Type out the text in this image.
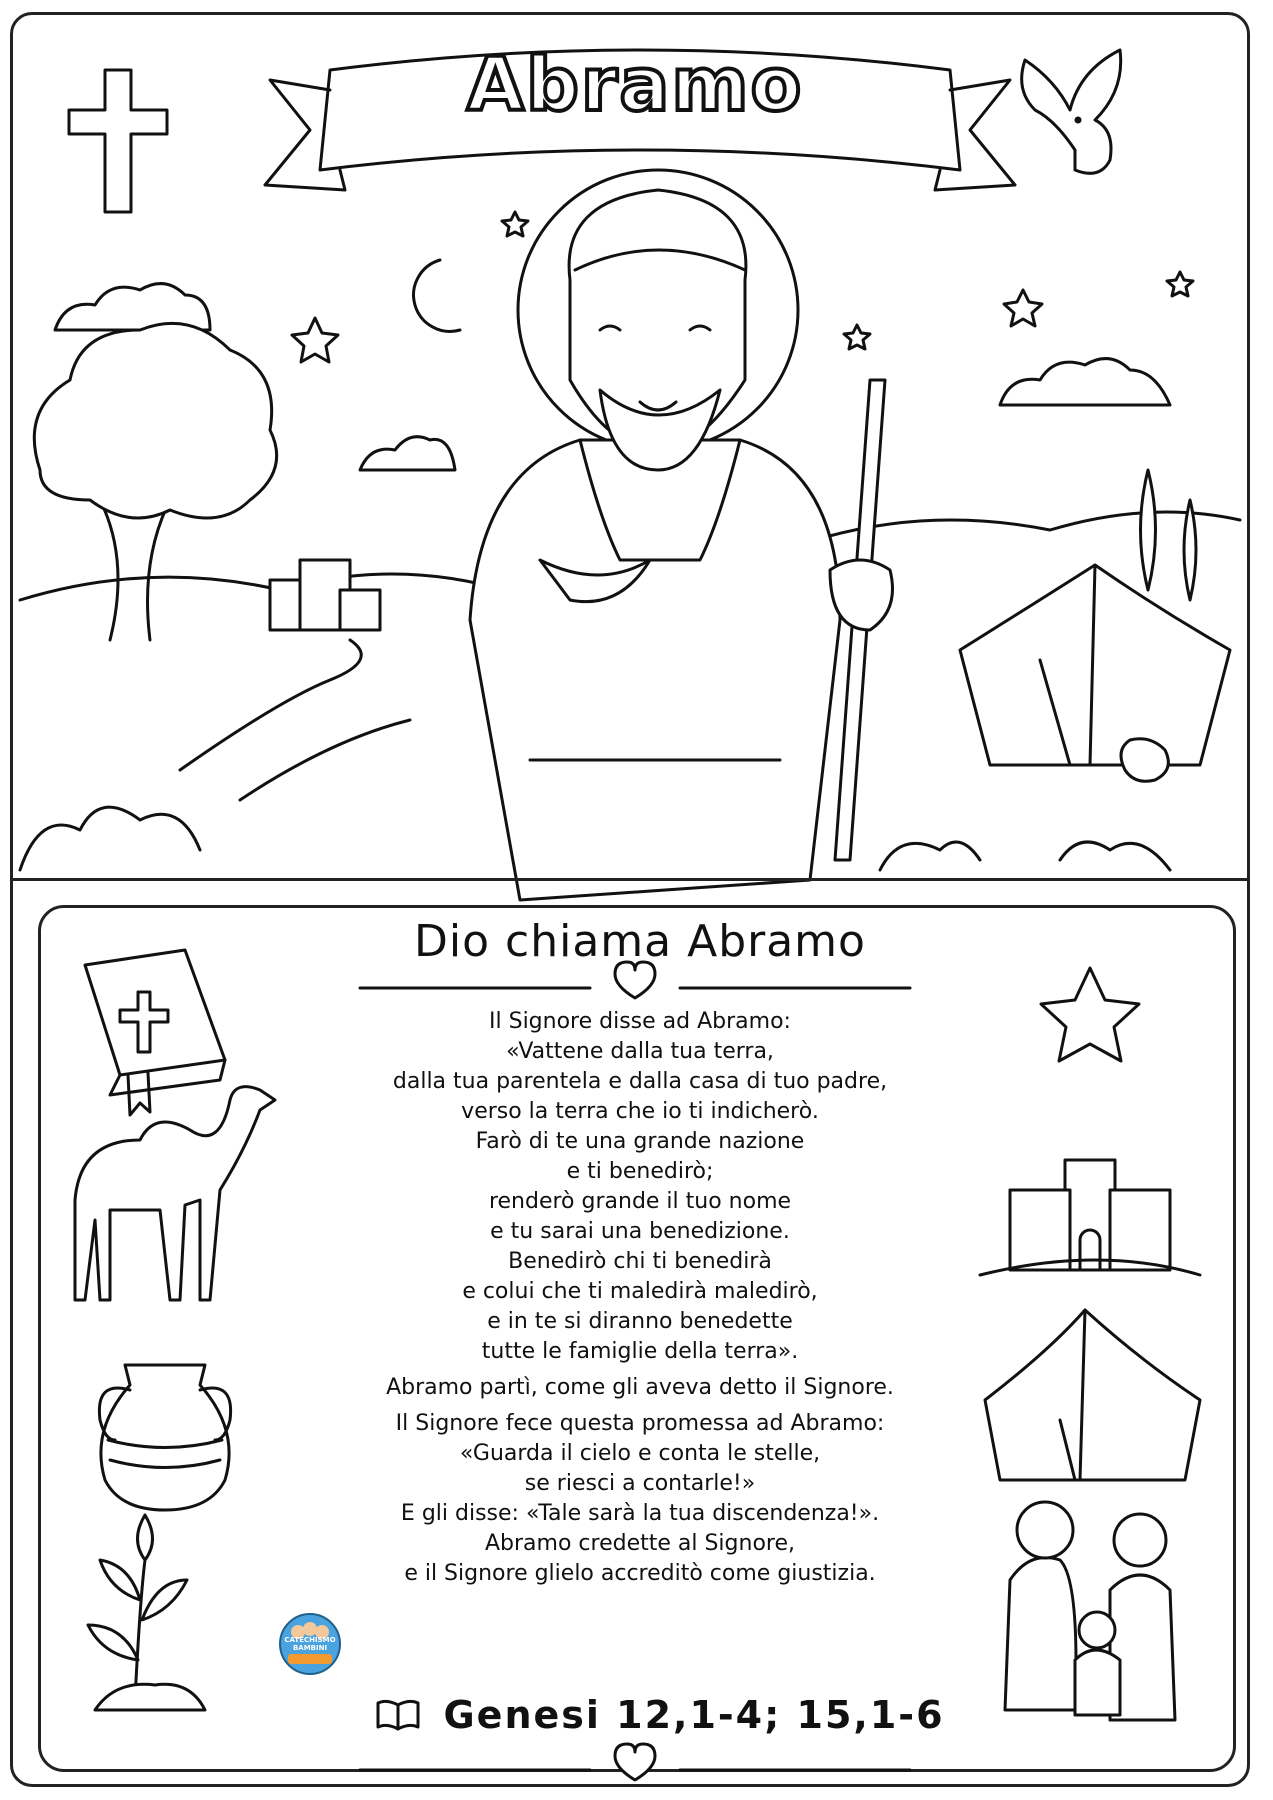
Abramo
Dio chiama Abramo
Il Signore disse ad Abramo:
«Vattene dalla tua terra,
dalla tua parentela e dalla casa di tuo padre,
verso la terra che io ti indicherò.
Farò di te una grande nazione
e ti benedirò;
renderò grande il tuo nome
e tu sarai una benedizione.
Benedirò chi ti benedirà
e colui che ti maledirà maledirò,
e in te si diranno benedette
tutte le famiglie della terra».
Abramo partì, come gli aveva detto il Signore.
Il Signore fece questa promessa ad Abramo:
«Guarda il cielo e conta le stelle,
se riesci a contarle!»
E gli disse: «Tale sarà la tua discendenza!».
Abramo credette al Signore,
e il Signore glielo accreditò come giustizia.
CATECHISMO
BAMBINI
Genesi 12,1-4; 15,1-6
